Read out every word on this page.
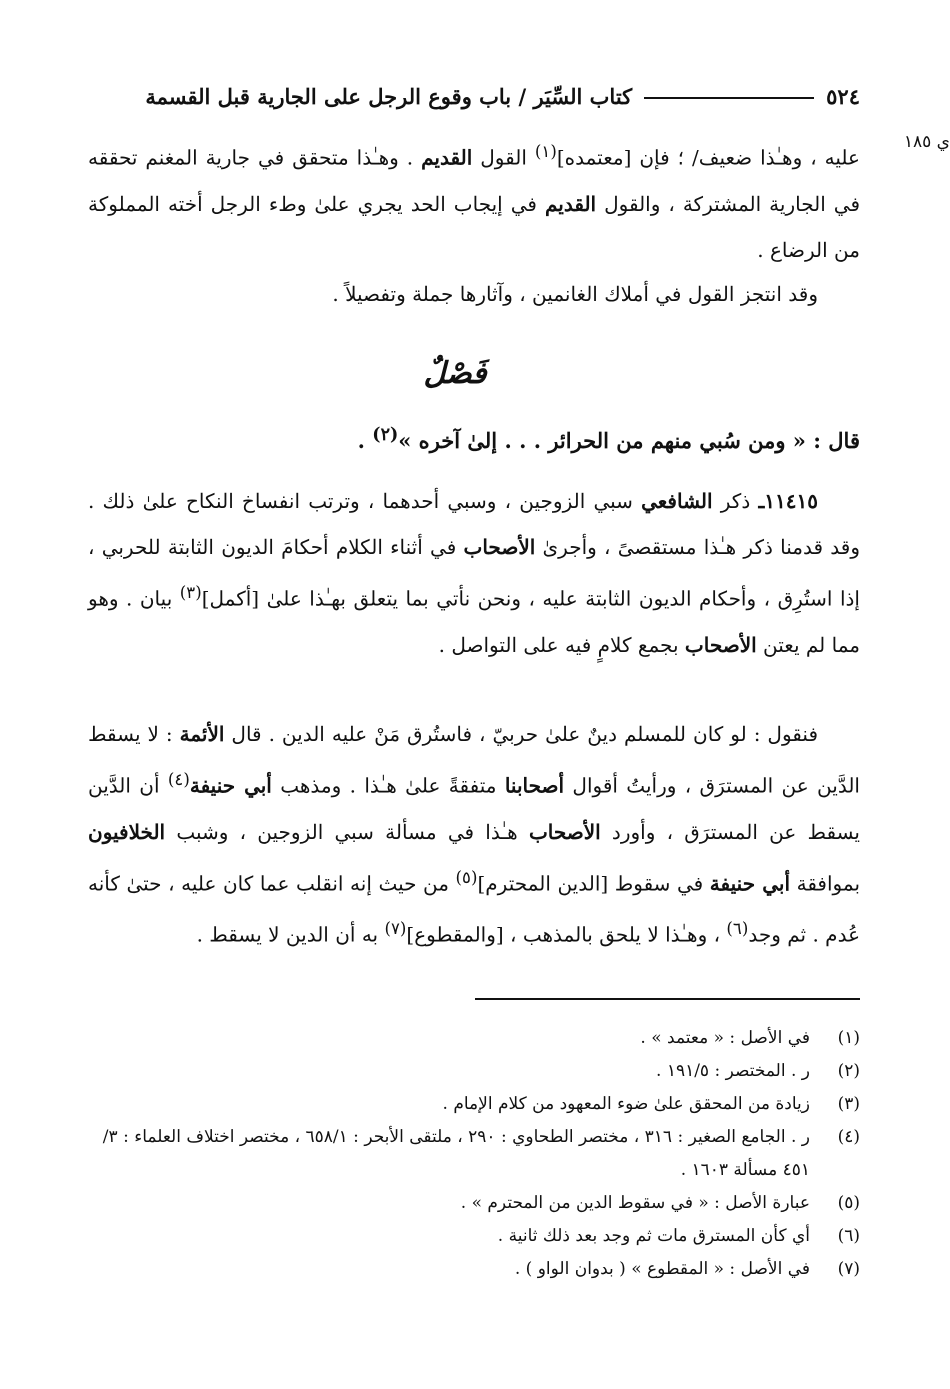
٥٢٤
كتاب السِّيَر / باب وقوع الرجل على الجارية قبل القسمة
ي ١٨٥

عليه ، وهـٰذا ضعيف/ ؛ فإن [معتمده]$^{(١)}$ القول القديم . وهـٰذا متحقق في جارية المغنم تحققه في الجارية المشتركة ، والقول القديم في إيجاب الحد يجري علىٰ وطء الرجل أخته المملوكة من الرضاع .

وقد انتجز القول في أملاك الغانمين ، وآثارها جملة وتفصيلاً .

فَصْلٌ

قال : « ومن سُبي منهم من الحرائر . . . إلىٰ آخره »$^{(٢)}$ .

١١٤١٥ـ ذكر الشافعي سبي الزوجين ، وسبي أحدهما ، وترتب انفساخ النكاح علىٰ ذلك . وقد قدمنا ذكر هـٰذا مستقصىً ، وأجرىٰ الأصحاب في أثناء الكلام أحكامَ الديون الثابتة للحربي ، إذا استُرِق ، وأحكام الديون الثابتة عليه ، ونحن نأتي بما يتعلق بهـٰذا علىٰ [أكمل]$^{(٣)}$ بيان . وهو مما لم يعتن الأصحاب بجمع كلامٍ فيه على التواصل .

فنقول : لو كان للمسلم دينٌ علىٰ حربيّ ، فاستُرق مَنْ عليه الدين . قال الأئمة : لا يسقط الدَّين عن المسترَق ، ورأيتُ أقوال أصحابنا متفقةً علىٰ هـٰذا . ومذهب أبي حنيفة$^{(٤)}$ أن الدَّين يسقط عن المسترَق ، وأورد الأصحاب هـٰذا في مسألة سبي الزوجين ، وشبب الخلافيون بموافقة أبي حنيفة في سقوط [الدين المحترم]$^{(٥)}$ من حيث إنه انقلب عما كان عليه ، حتىٰ كأنه عُدم . ثم وجد$^{(٦)}$ ، وهـٰذا لا يلحق بالمذهب ، [والمقطوع]$^{(٧)}$ به أن الدين لا يسقط .

(١)
في الأصل : « معتمد » .
(٢)
ر . المختصر : ١٩١/٥ .
(٣)
زيادة من المحقق علىٰ ضوء المعهود من كلام الإمام .
(٤)
ر . الجامع الصغير : ٣١٦ ، مختصر الطحاوي : ٢٩٠ ، ملتقى الأبحر : ٦٥٨/١ ، مختصر اختلاف العلماء : ٣/ ٤٥١ مسألة ١٦٠٣ .
(٥)
عبارة الأصل : « في سقوط الدين من المحترم » .
(٦)
أي كأن المسترق مات ثم وجد بعد ذلك ثانية .
(٧)
في الأصل : « المقطوع » ( بدوان الواو ) .
